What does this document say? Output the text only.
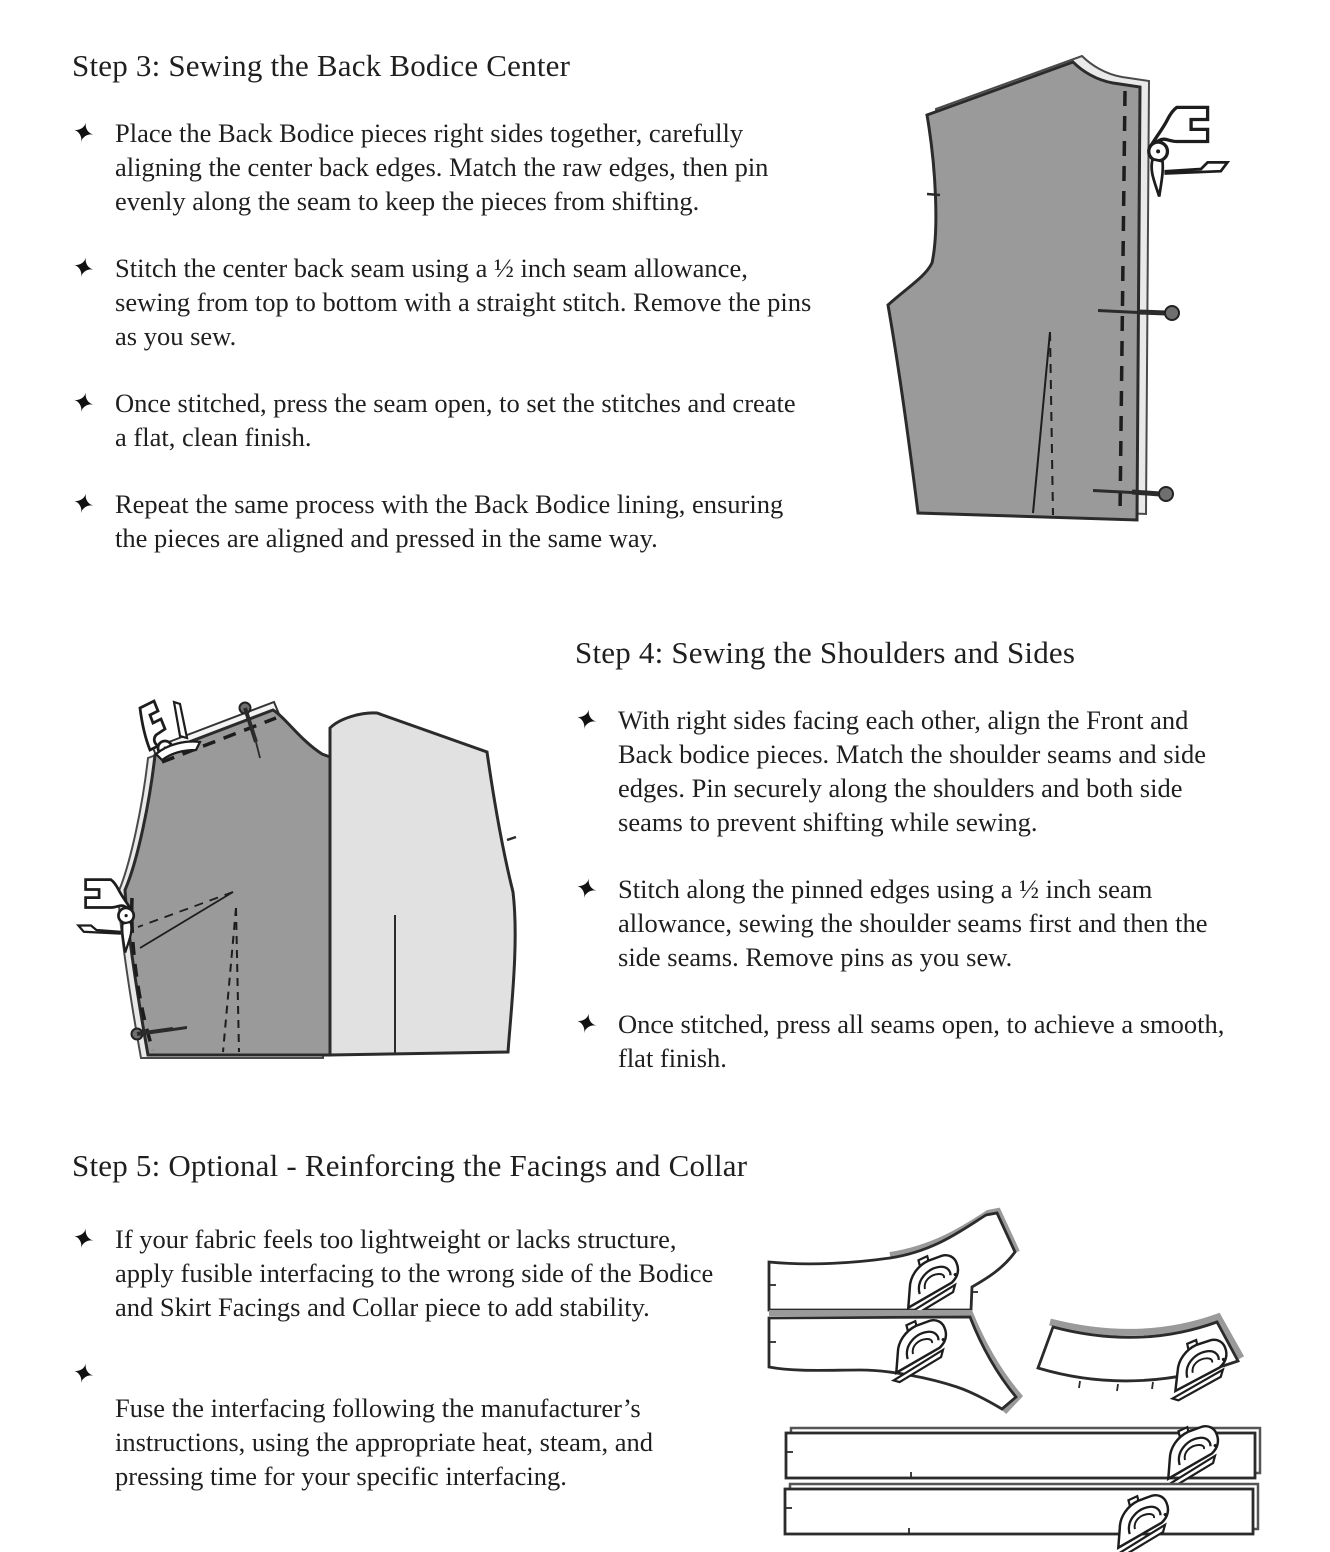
Step 3: Sewing the Back Bodice Center
✦ Place the Back Bodice pieces right sides together, carefully aligning the center back edges. Match the raw edges, then pin evenly along the seam to keep the pieces from shifting.

✦ Stitch the center back seam using a ½ inch seam allowance, sewing from top to bottom with a straight stitch. Remove the pins as you sew.

✦ Once stitched, press the seam open, to set the stitches and create a flat, clean finish.

✦ Repeat the same process with the Back Bodice lining, ensuring the pieces are aligned and pressed in the same way.

Step 4: Sewing the Shoulders and Sides
✦ With right sides facing each other, align the Front and Back bodice pieces. Match the shoulder seams and side edges. Pin securely along the shoulders and both side seams to prevent shifting while sewing.

✦ Stitch along the pinned edges using a ½ inch seam allowance, sewing the shoulder seams first and then the side seams. Remove pins as you sew.

✦ Once stitched, press all seams open, to achieve a smooth, flat finish.

Step 5: Optional - Reinforcing the Facings and Collar
✦ If your fabric feels too lightweight or lacks structure, apply fusible interfacing to the wrong side of the Bodice and Skirt Facings and Collar piece to add stability.

✦

Fuse the interfacing following the manufacturer’s instructions, using the appropriate heat, steam, and pressing time for your specific interfacing.
